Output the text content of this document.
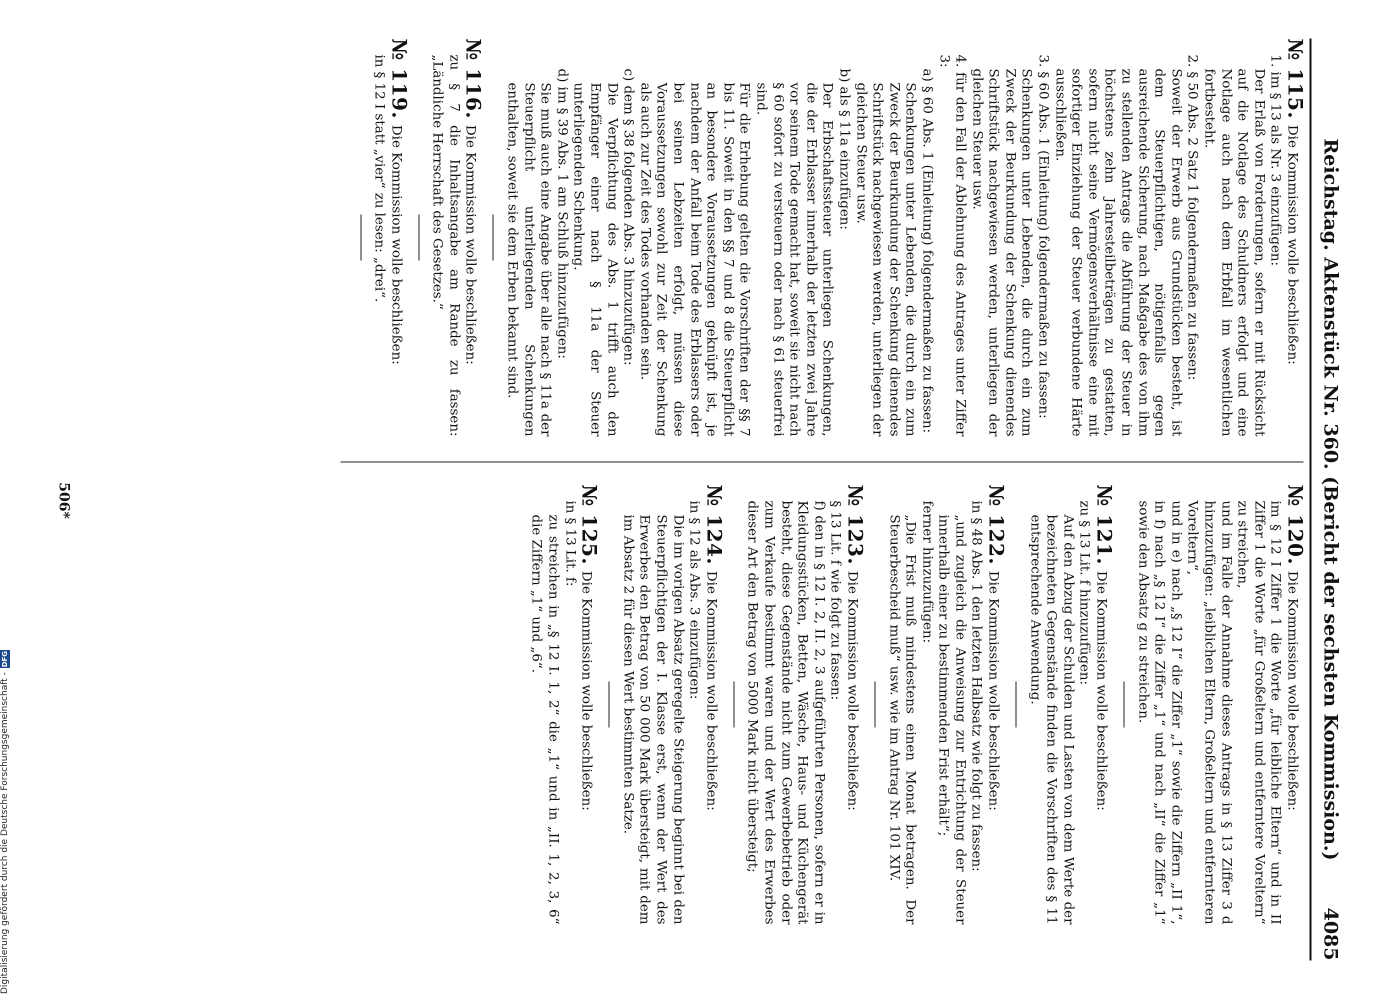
Reichstag. Aktenstück Nr. 360. (Bericht der sechsten Kommission.)
4085

№ 115.Die Kommission wolle beschließen:

1. im § 13 als Nr. 3 einzufügen:

Der Erlaß von Forderungen, sofern er mit Rücksicht auf die Notlage des Schuldners erfolgt und eine Notlage auch nach dem Erbfall im wesentlichen fortbesteht.

2. § 50 Abs. 2 Satz 1 folgendermaßen zu fassen:

Soweit der Erwerb aus Grundstücken besteht, ist dem Steuerpflichtigen, nötigenfalls gegen ausreichende Sicherung, nach Maßgabe des von ihm zu stellenden Antrags die Abführung der Steuer in höchstens zehn Jahresteilbeträgen zu gestatten, sofern nicht seine Vermögensverhältnisse eine mit sofortiger Einziehung der Steuer verbundene Härte ausschließen.

3. § 60 Abs. 1 (Einleitung) folgendermaßen zu fassen:

Schenkungen unter Lebenden, die durch ein zum Zweck der Beurkundung der Schenkung dienendes Schriftstück nachgewiesen werden, unterliegen der gleichen Steuer usw.

4. für den Fall der Ablehnung des Antrages unter Ziffer 3:

a) § 60 Abs. 1 (Einleitung) folgendermaßen zu fassen:

Schenkungen unter Lebenden, die durch ein zum Zweck der Beurkundung der Schenkung dienendes Schriftstück nachgewiesen werden, unterliegen der gleichen Steuer usw.

b) als § 11a einzufügen:

Der Erbschaftssteuer unterliegen Schenkungen, die der Erblasser innerhalb der letzten zwei Jahre vor seinem Tode gemacht hat, soweit sie nicht nach § 60 sofort zu versteuern oder nach § 61 steuerfrei sind.

Für die Erhebung gelten die Vorschriften der §§ 7 bis 11. Soweit in den §§ 7 und 8 die Steuerpflicht an besondere Voraussetzungen geknüpft ist, je nachdem der Anfall beim Tode des Erblassers oder bei seinen Lebzeiten erfolgt, müssen diese Voraussetzungen sowohl zur Zeit der Schenkung als auch zur Zeit des Todes vorhanden sein.

c) dem § 38 folgenden Abs. 3 hinzuzufügen:

Die Verpflichtung des Abs. 1 trifft auch den Empfänger einer nach § 11a der Steuer unterliegenden Schenkung.

d) im § 39 Abs. 1 am Schluß hinzuzufügen:

Sie muß auch eine Angabe über alle nach § 11a der Steuerpflicht unterliegenden Schenkungen enthalten, soweit sie dem Erben bekannt sind.

№ 116.Die Kommission wolle beschließen:

zu § 7 die Inhaltsangabe am Rande zu fassen: „Ländliche Herrschaft des Gesetzes.“

№ 119.Die Kommission wolle beschließen:

in § 12 I statt „vier“ zu lesen: „drei“.

№ 120.Die Kommission wolle beschließen:

im § 12 I Ziffer 1 die Worte „für leibliche Eltern“ und in II Ziffer 1 die Worte „für Großeltern und entferntere Voreltern“ zu streichen,

und im Falle der Annahme dieses Antrags in § 13 Ziffer 3 d hinzuzufügen: „leiblichen Eltern, Großeltern und entfernteren Voreltern“,

und in e) nach „§ 12 I“ die Ziffer „1“ sowie die Ziffern „II 1“, in f) nach „§ 12 I“ die Ziffer „1“ und nach „II“ die Ziffer „1“ sowie den Absatz g zu streichen.

№ 121.Die Kommission wolle beschließen:

zu § 13 Lit. f hinzuzufügen:

Auf den Abzug der Schulden und Lasten von dem Werte der bezeichneten Gegenstände finden die Vorschriften des § 11 entsprechende Anwendung.

№ 122.Die Kommission wolle beschließen:

in § 48 Abs. 1 den letzten Halbsatz wie folgt zu fassen:

„und zugleich die Anweisung zur Entrichtung der Steuer innerhalb einer zu bestimmenden Frist erhält“;

ferner hinzuzufügen:

„Die Frist muß mindestens einen Monat betragen. Der Steuerbescheid muß“ usw. wie im Antrag Nr. 101 XIV.

№ 123.Die Kommission wolle beschließen:

§ 13 Lit. f wie folgt zu fassen:

f) den in § 12 I. 2, II. 2, 3 aufgeführten Personen, sofern er in Kleidungsstücken, Betten, Wäsche, Haus- und Küchengerät besteht, diese Gegenstände nicht zum Gewerbebetrieb oder zum Verkaufe bestimmt waren und der Wert des Erwerbes dieser Art den Betrag von 5000 Mark nicht übersteigt;

№ 124.Die Kommission wolle beschließen:

in § 12 als Abs. 3 einzufügen:

Die im vorigen Absatz geregelte Steigerung beginnt bei den Steuerpflichtigen der I. Klasse erst, wenn der Wert des Erwerbes den Betrag von 50 000 Mark übersteigt, mit dem im Absatz 2 für diesen Wert bestimmten Satze.

№ 125.Die Kommission wolle beschließen:

in § 13 Lit. f:

zu streichen in „§ 12 I. 1, 2“ die „1“ und in „II. 1, 2, 3, 6“ die Ziffern „1“ und „6“.

506*
Digitalisierung gefördert durch die Deutsche Forschungsgemeinschaft -
DFG
